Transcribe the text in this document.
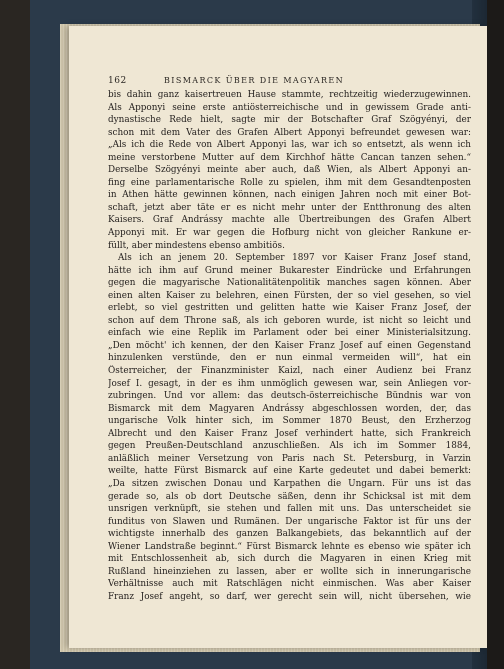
162	BISMARCK ÜBER DIE MAGYAREN
bis dahin ganz kaisertreuen Hause stammte, rechtzeitig wiederzugewinnen.
Als Apponyi seine erste antiösterreichische und in gewissem Grade anti-
dynastische Rede hielt, sagte mir der Botschafter Graf Szögyényi, der
schon mit dem Vater des Grafen Albert Apponyi befreundet gewesen war:
„Als ich die Rede von Albert Apponyi las, war ich so entsetzt, als wenn ich
meine verstorbene Mutter auf dem Kirchhof hätte Cancan tanzen sehen.“
Derselbe Szögyényi meinte aber auch, daß Wien, als Albert Apponyi an-
fing eine parlamentarische Rolle zu spielen, ihm mit dem Gesandtenposten
in Athen hätte gewinnen können, nach einigen Jahren noch mit einer Bot-
schaft, jetzt aber täte er es nicht mehr unter der Entthronung des alten
Kaisers. Graf Andrássy machte alle Übertreibungen des Grafen Albert
Apponyi mit. Er war gegen die Hofburg nicht von gleicher Rankune er-
füllt, aber mindestens ebenso ambitiös.
Als ich an jenem 20. September 1897 vor Kaiser Franz Josef stand,
hätte ich ihm auf Grund meiner Bukarester Eindrücke und Erfahrungen
gegen die magyarische Nationalitätenpolitik manches sagen können. Aber
einen alten Kaiser zu belehren, einen Fürsten, der so viel gesehen, so viel
erlebt, so viel gestritten und gelitten hatte wie Kaiser Franz Josef, der
schon auf dem Throne saß, als ich geboren wurde, ist nicht so leicht und
einfach wie eine Replik im Parlament oder bei einer Ministerialsitzung.
„Den möcht' ich kennen, der den Kaiser Franz Josef auf einen Gegenstand
hinzulenken verstünde, den er nun einmal vermeiden will“, hat ein
Österreicher, der Finanzminister Kaizl, nach einer Audienz bei Franz
Josef I. gesagt, in der es ihm unmöglich gewesen war, sein Anliegen vor-
zubringen. Und vor allem: das deutsch-österreichische Bündnis war von
Bismarck mit dem Magyaren Andrássy abgeschlossen worden, der, das
ungarische Volk hinter sich, im Sommer 1870 Beust, den Erzherzog
Albrecht und den Kaiser Franz Josef verhindert hatte, sich Frankreich
gegen Preußen-Deutschland anzuschließen. Als ich im Sommer 1884,
anläßlich meiner Versetzung von Paris nach St. Petersburg, in Varzin
weilte, hatte Fürst Bismarck auf eine Karte gedeutet und dabei bemerkt:
„Da sitzen zwischen Donau und Karpathen die Ungarn. Für uns ist das
gerade so, als ob dort Deutsche säßen, denn ihr Schicksal ist mit dem
unsrigen verknüpft, sie stehen und fallen mit uns. Das unterscheidet sie
funditus von Slawen und Rumänen. Der ungarische Faktor ist für uns der
wichtigste innerhalb des ganzen Balkangebiets, das bekanntlich auf der
Wiener Landstraße beginnt.“ Fürst Bismarck lehnte es ebenso wie später ich
mit Entschlossenheit ab, sich durch die Magyaren in einen Krieg mit
Rußland hineinziehen zu lassen, aber er wollte sich in innerungarische
Verhältnisse auch mit Ratschlägen nicht einmischen. Was aber Kaiser
Franz Josef angeht, so darf, wer gerecht sein will, nicht übersehen, wie
